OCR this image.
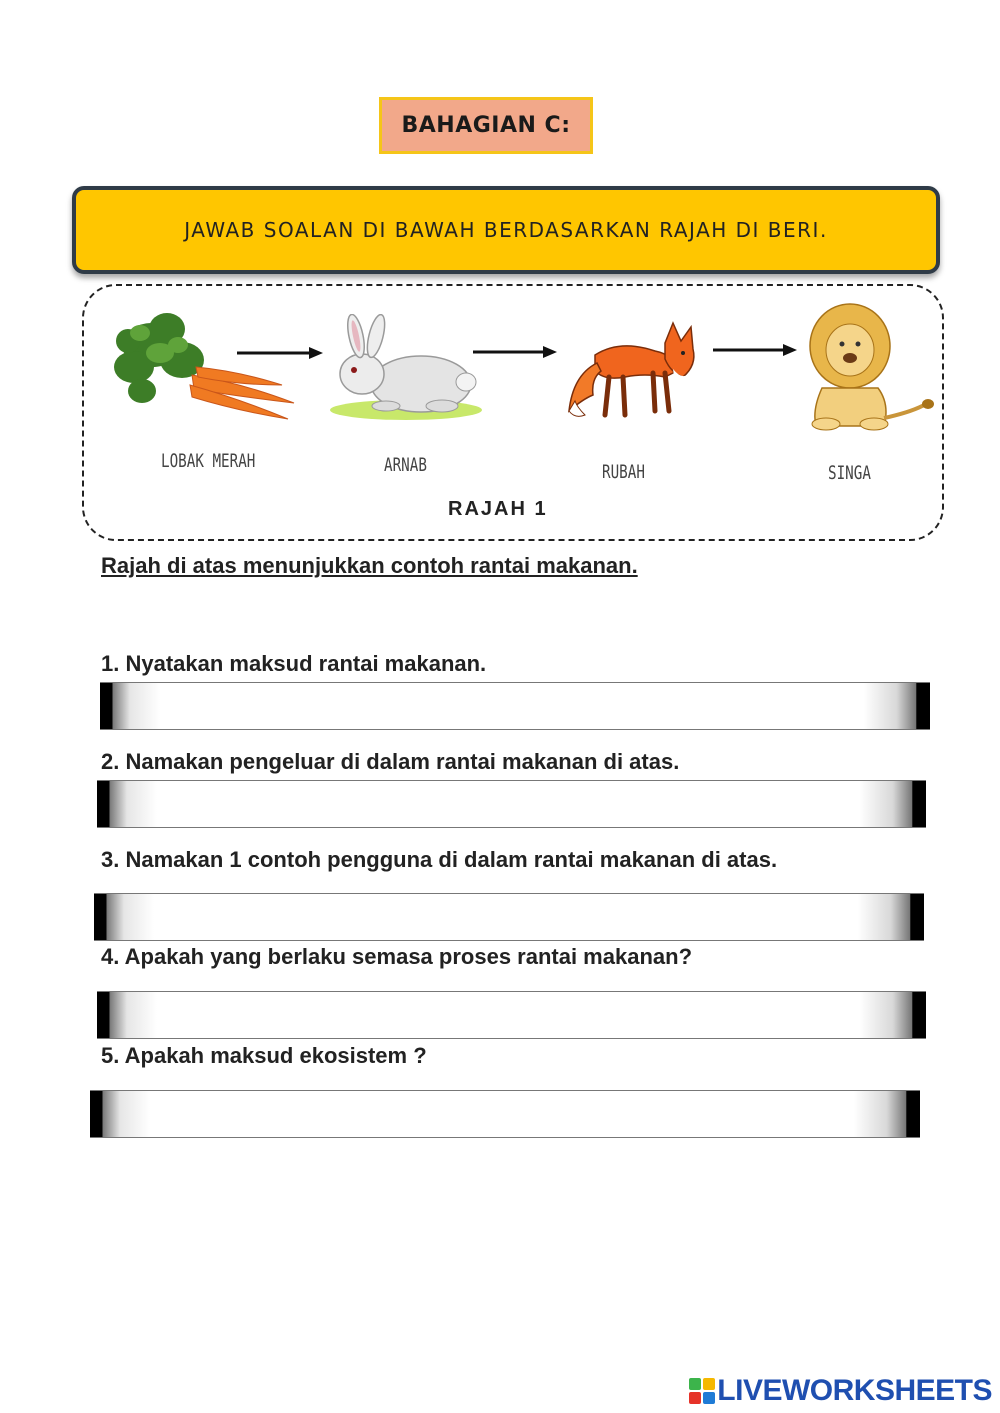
BAHAGIAN C:
JAWAB SOALAN DI BAWAH BERDASARKAN RAJAH DI BERI.
LOBAK MERAH	ARNAB	RUBAH	SINGA
RAJAH 1
Rajah di atas menunjukkan contoh rantai makanan.
1. Nyatakan maksud rantai makanan.
2. Namakan pengeluar di dalam rantai makanan di atas.
3. Namakan 1 contoh pengguna di dalam rantai makanan di atas.
4. Apakah yang berlaku semasa proses rantai makanan?
5. Apakah maksud ekosistem ?
LIVEWORKSHEETS
